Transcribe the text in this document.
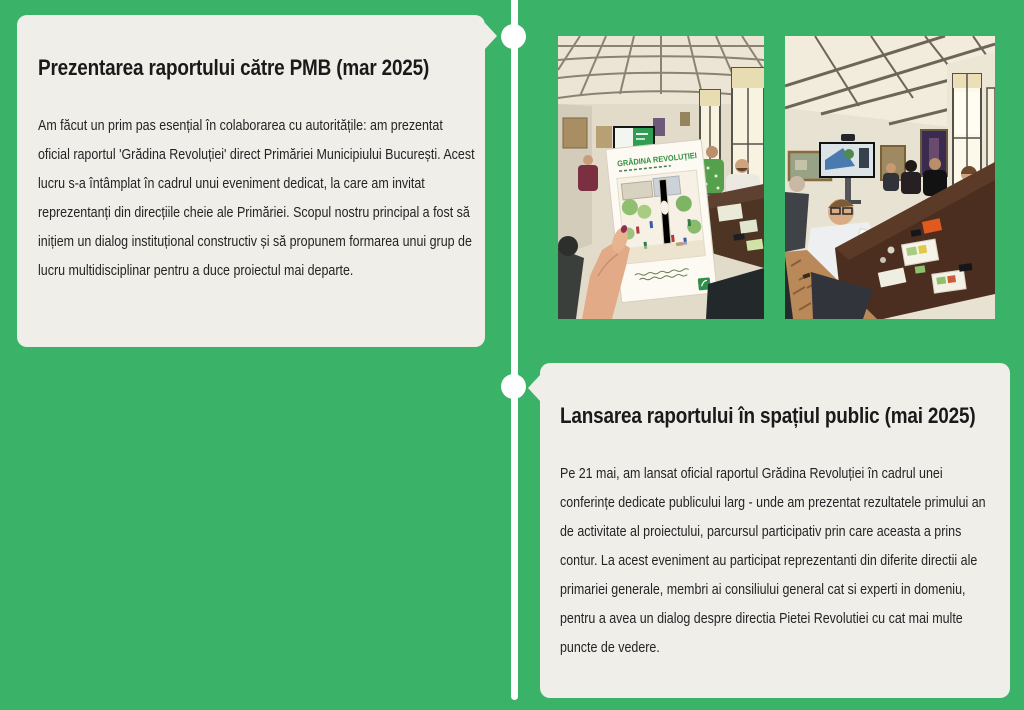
Prezentarea raportului către PMB (mar 2025)

Am făcut un prim pas esențial în colaborarea cu autoritățile: am prezentat oficial raportul 'Grădina Revoluției' direct Primăriei Municipiului București. Acest lucru s-a întâmplat în cadrul unui eveniment dedicat, la care am invitat reprezentanți din direcțiile cheie ale Primăriei. Scopul nostru principal a fost să inițiem un dialog instituțional constructiv și să propunem formarea unui grup de lucru multidisciplinar pentru a duce proiectul mai departe.

GRĂDINA REVOLUȚIEI
Lansarea raportului în spațiul public (mai 2025)

Pe 21 mai, am lansat oficial raportul Grădina Revoluției în cadrul unei conferințe dedicate publicului larg - unde am prezentat rezultatele primului an de activitate al proiectului, parcursul participativ prin care aceasta a prins contur. La acest eveniment au participat reprezentanti din diferite directii ale primariei generale, membri ai consiliului general cat si experti in domeniu, pentru a avea un dialog despre directia Pietei Revolutiei cu cat mai multe puncte de vedere.
